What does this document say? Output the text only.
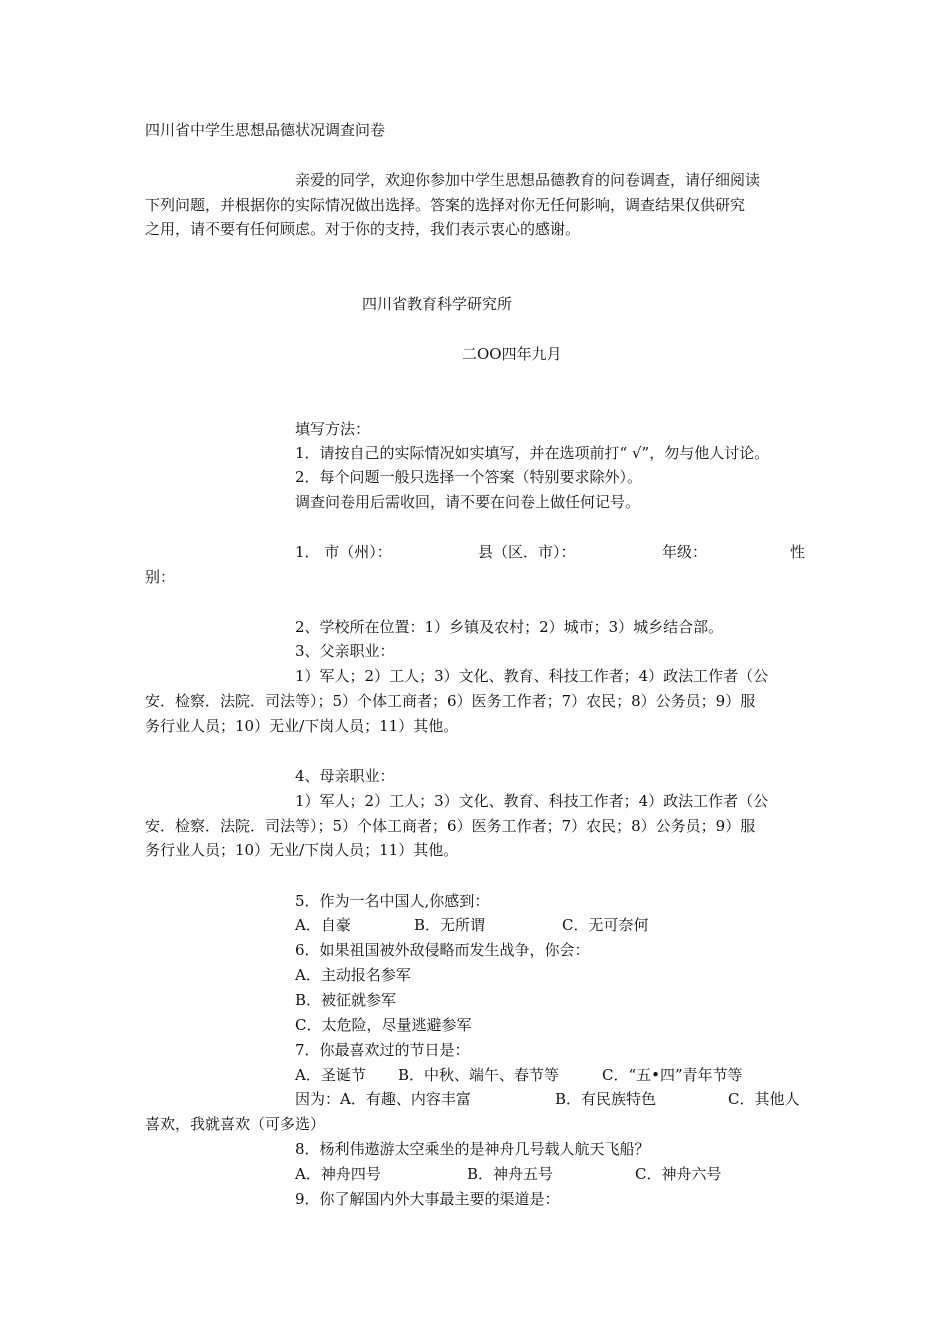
四川省中学生思想品德状况调查问卷
亲爱的同学，欢迎你参加中学生思想品德教育的问卷调查，请仔细阅读
下列问题，并根据你的实际情况做出选择。答案的选择对你无任何影响，调查结果仅供研究
之用，请不要有任何顾虑。对于你的支持，我们表示衷心的感谢。
四川省教育科学研究所
二OO四年九月
填写方法：
1．请按自己的实际情况如实填写，并在选项前打“ √”，勿与他人讨论。
2．每个问题一般只选择一个答案（特别要求除外）。
调查问卷用后需收回，请不要在问卷上做任何记号。
1． 市（州）：	县（区．市）：	年级：	性
别：
2、学校所在位置：1）乡镇及农村；2）城市；3）城乡结合部。
3、父亲职业：
1）军人；2）工人；3）文化、教育、科技工作者；4）政法工作者（公
安．检察．法院．司法等）；5）个体工商者；6）医务工作者；7）农民；8）公务员；9）服
务行业人员；10）无业/下岗人员；11）其他。
4、母亲职业：
1）军人；2）工人；3）文化、教育、科技工作者；4）政法工作者（公
安．检察．法院．司法等）；5）个体工商者；6）医务工作者；7）农民；8）公务员；9）服
务行业人员；10）无业/下岗人员；11）其他。
5．作为一名中国人,你感到：
A．自豪	B．无所谓	C．无可奈何
6．如果祖国被外敌侵略而发生战争，你会：
A．主动报名参军
B．被征就参军
C．太危险，尽量逃避参军
7．你最喜欢过的节日是：
A．圣诞节 B．中秋、端午、春节等	C．“五•四”青年节等
因为：A．有趣、内容丰富	B．有民族特色	C．其他人
喜欢，我就喜欢（可多选）
8．杨利伟遨游太空乘坐的是神舟几号载人航天飞船？
A．神舟四号	B．神舟五号	C．神舟六号
9．你了解国内外大事最主要的渠道是：
